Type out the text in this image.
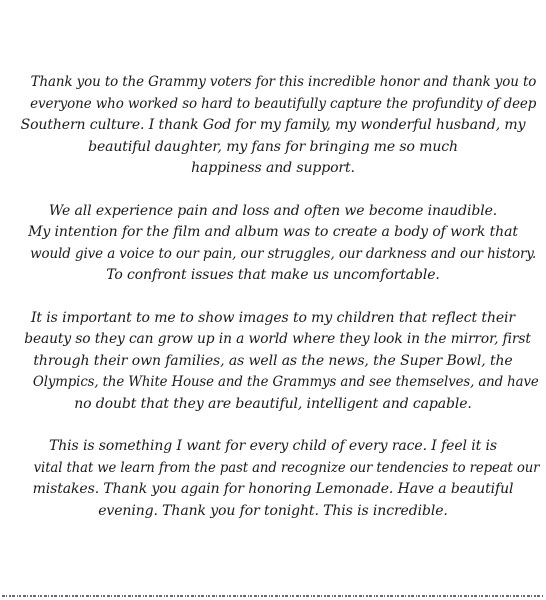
Thank you to the Grammy voters for this incredible honor and thank you to
everyone who worked so hard to beautifully capture the profundity of deep
Southern culture. I thank God for my family, my wonderful husband, my
beautiful daughter, my fans for bringing me so much
happiness and support.

We all experience pain and loss and often we become inaudible.
My intention for the film and album was to create a body of work that
would give a voice to our pain, our struggles, our darkness and our history.
To confront issues that make us uncomfortable.

It is important to me to show images to my children that reflect their
beauty so they can grow up in a world where they look in the mirror, first
through their own families, as well as the news, the Super Bowl, the
Olympics, the White House and the Grammys and see themselves, and have
no doubt that they are beautiful, intelligent and capable.

This is something I want for every child of every race. I feel it is
vital that we learn from the past and recognize our tendencies to repeat our
mistakes. Thank you again for honoring Lemonade. Have a beautiful
evening. Thank you for tonight. This is incredible.
